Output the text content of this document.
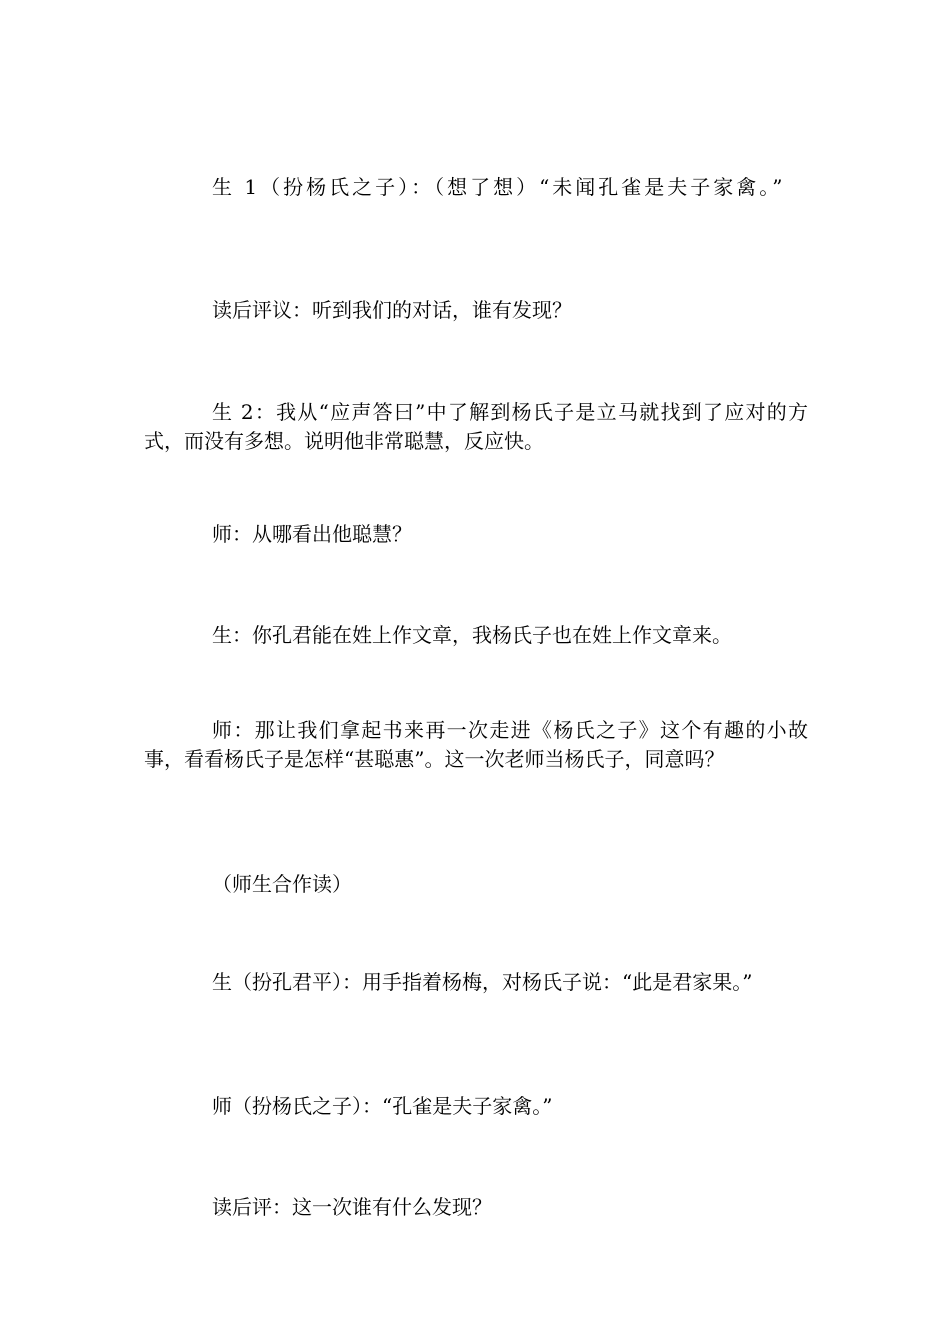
生 1（扮杨氏之子）：（想了想）“未闻孔雀是夫子家禽。”

读后评议：听到我们的对话，谁有发现？

生 2：我从“应声答曰”中了解到杨氏子是立马就找到了应对的方式，而没有多想。说明他非常聪慧，反应快。

师：从哪看出他聪慧？

生：你孔君能在姓上作文章，我杨氏子也在姓上作文章来。

师：那让我们拿起书来再一次走进《杨氏之子》这个有趣的小故事，看看杨氏子是怎样“甚聪惠”。这一次老师当杨氏子，同意吗？

（师生合作读）

生（扮孔君平）：用手指着杨梅，对杨氏子说：“此是君家果。”

师（扮杨氏之子）：“孔雀是夫子家禽。”

读后评：这一次谁有什么发现？
